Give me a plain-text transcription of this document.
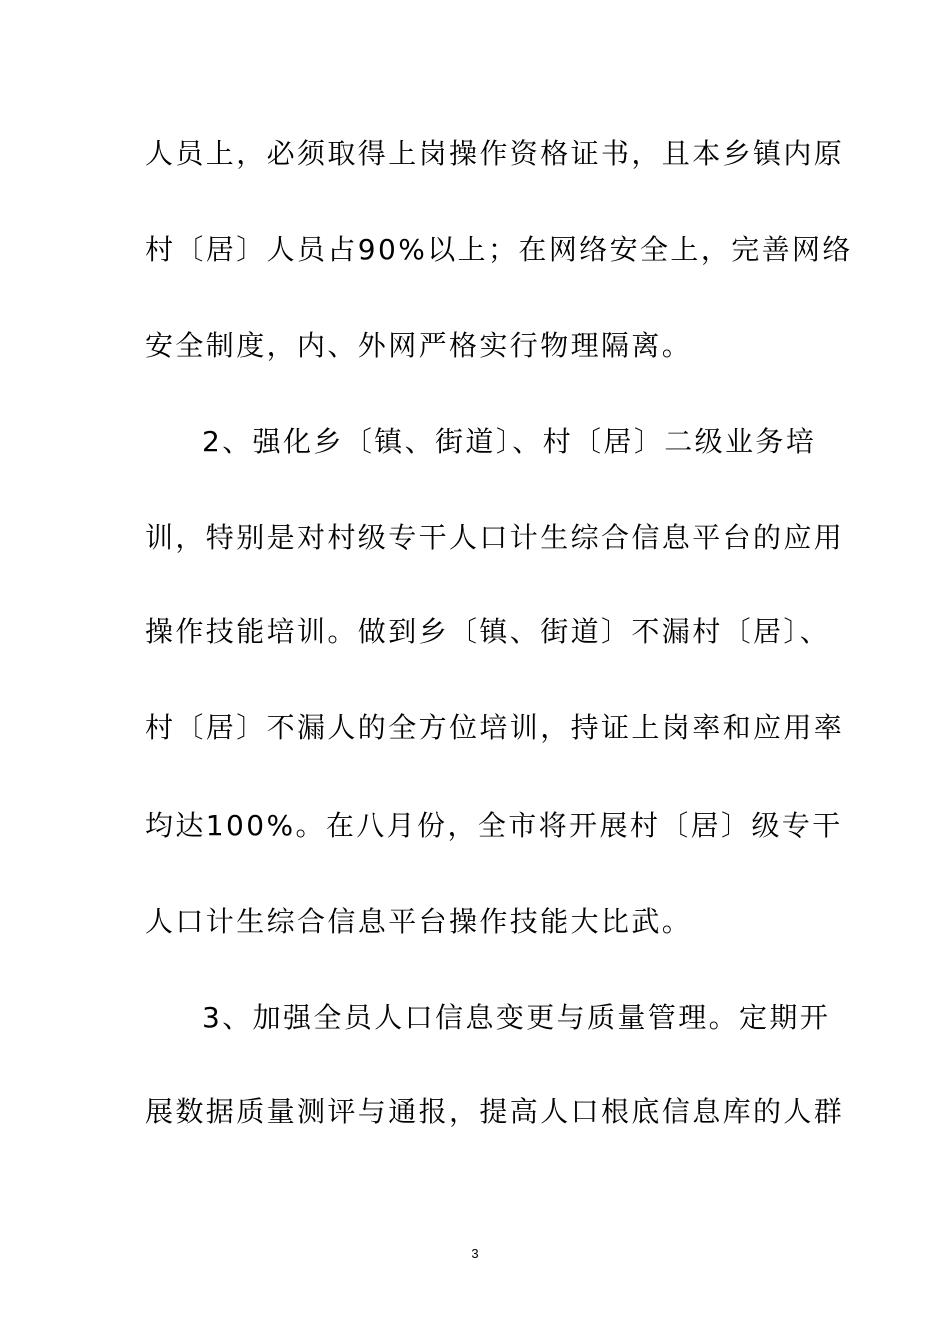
人员上，必须取得上岗操作资格证书，且本乡镇内原
村〔居〕人员占90%以上；在网络安全上，完善网络
安全制度，内、外网严格实行物理隔离。
2、强化乡〔镇、街道〕、村〔居〕二级业务培
训，特别是对村级专干人口计生综合信息平台的应用
操作技能培训。做到乡〔镇、街道〕不漏村〔居〕、
村〔居〕不漏人的全方位培训，持证上岗率和应用率
均达100%。在八月份，全市将开展村〔居〕级专干
人口计生综合信息平台操作技能大比武。
3、加强全员人口信息变更与质量管理。定期开
展数据质量测评与通报，提高人口根底信息库的人群
3
